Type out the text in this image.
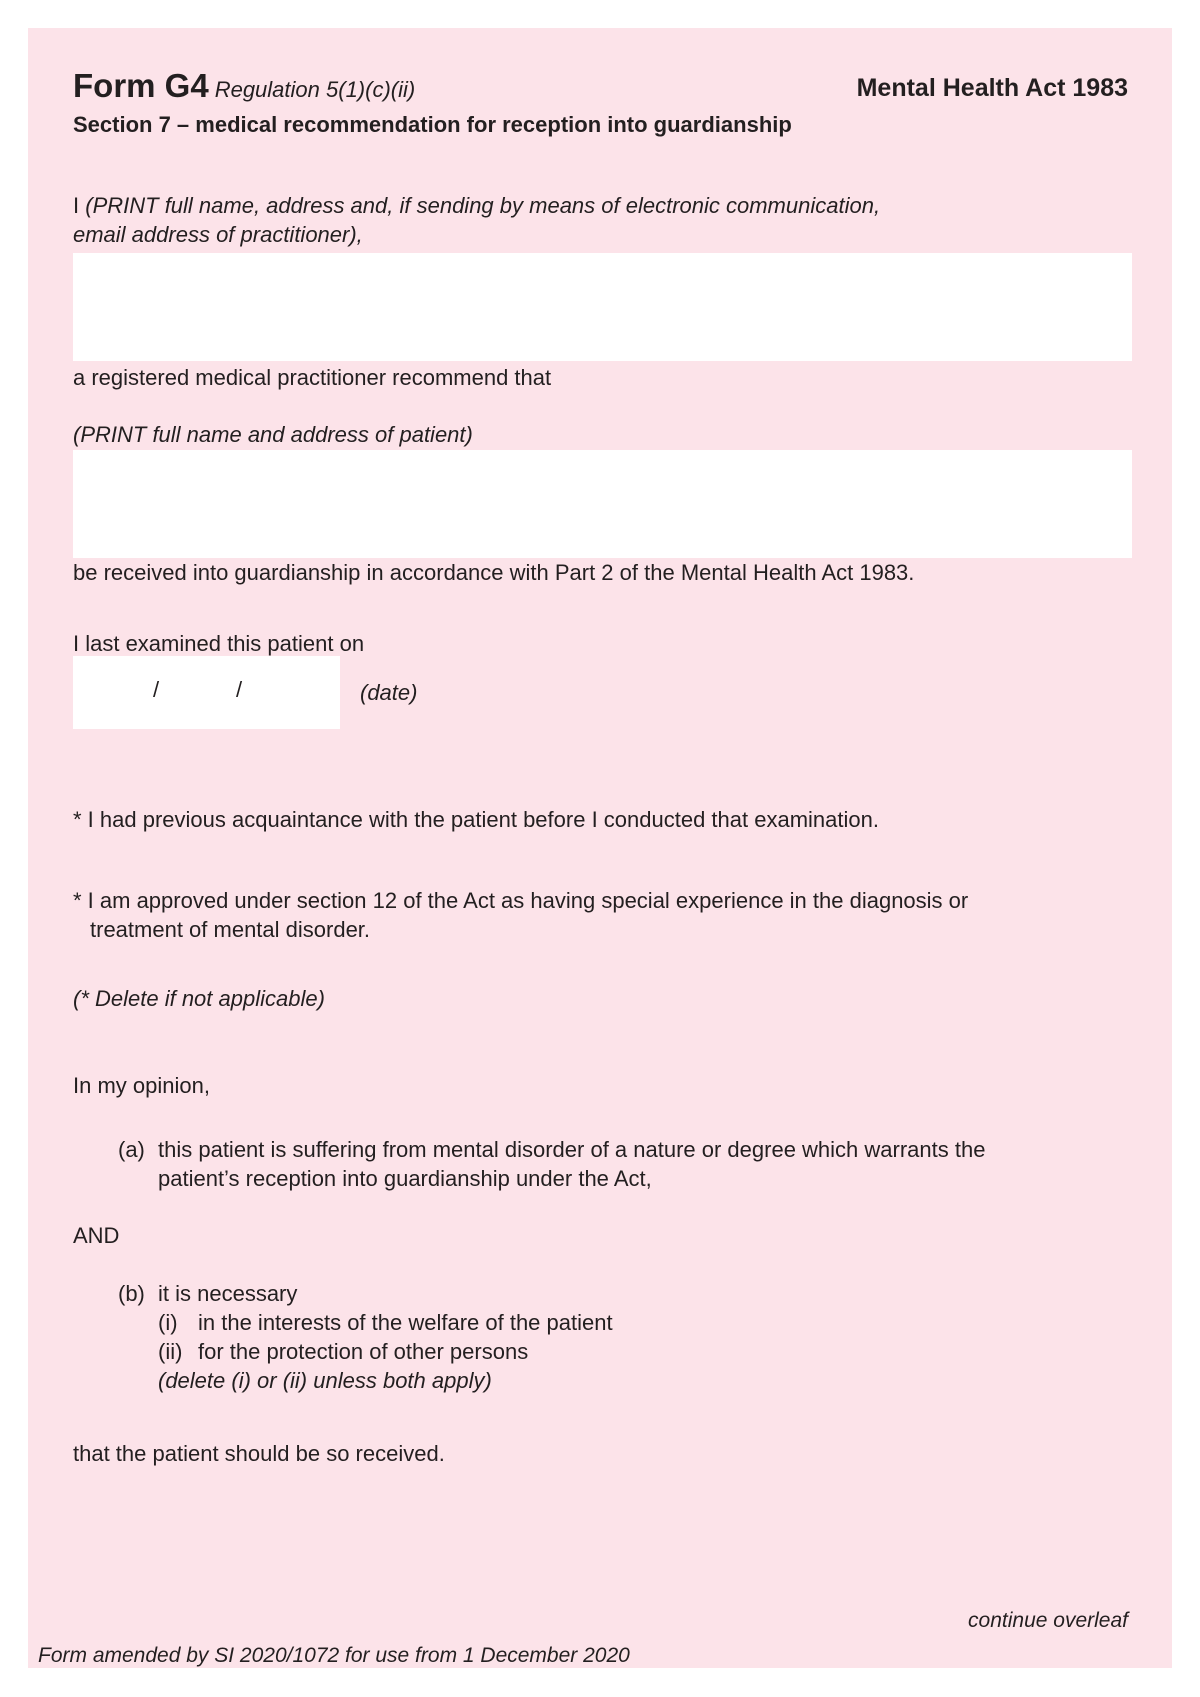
Form G4 Regulation 5(1)(c)(ii)	Mental Health Act 1983
Section 7 – medical recommendation for reception into guardianship
I (PRINT full name, address and, if sending by means of electronic communication,
email address of practitioner),
a registered medical practitioner recommend that
(PRINT full name and address of patient)
be received into guardianship in accordance with Part 2 of the Mental Health Act 1983.
I last examined this patient on
/	/	(date)
* I had previous acquaintance with the patient before I conducted that examination.
* I am approved under section 12 of the Act as having special experience in the diagnosis or
treatment of mental disorder.
(* Delete if not applicable)
In my opinion,
(a) this patient is suffering from mental disorder of a nature or degree which warrants the
patient’s reception into guardianship under the Act,
AND
(b) it is necessary
(i) in the interests of the welfare of the patient
(ii) for the protection of other persons
(delete (i) or (ii) unless both apply)
that the patient should be so received.
continue overleaf
Form amended by SI 2020/1072 for use from 1 December 2020
